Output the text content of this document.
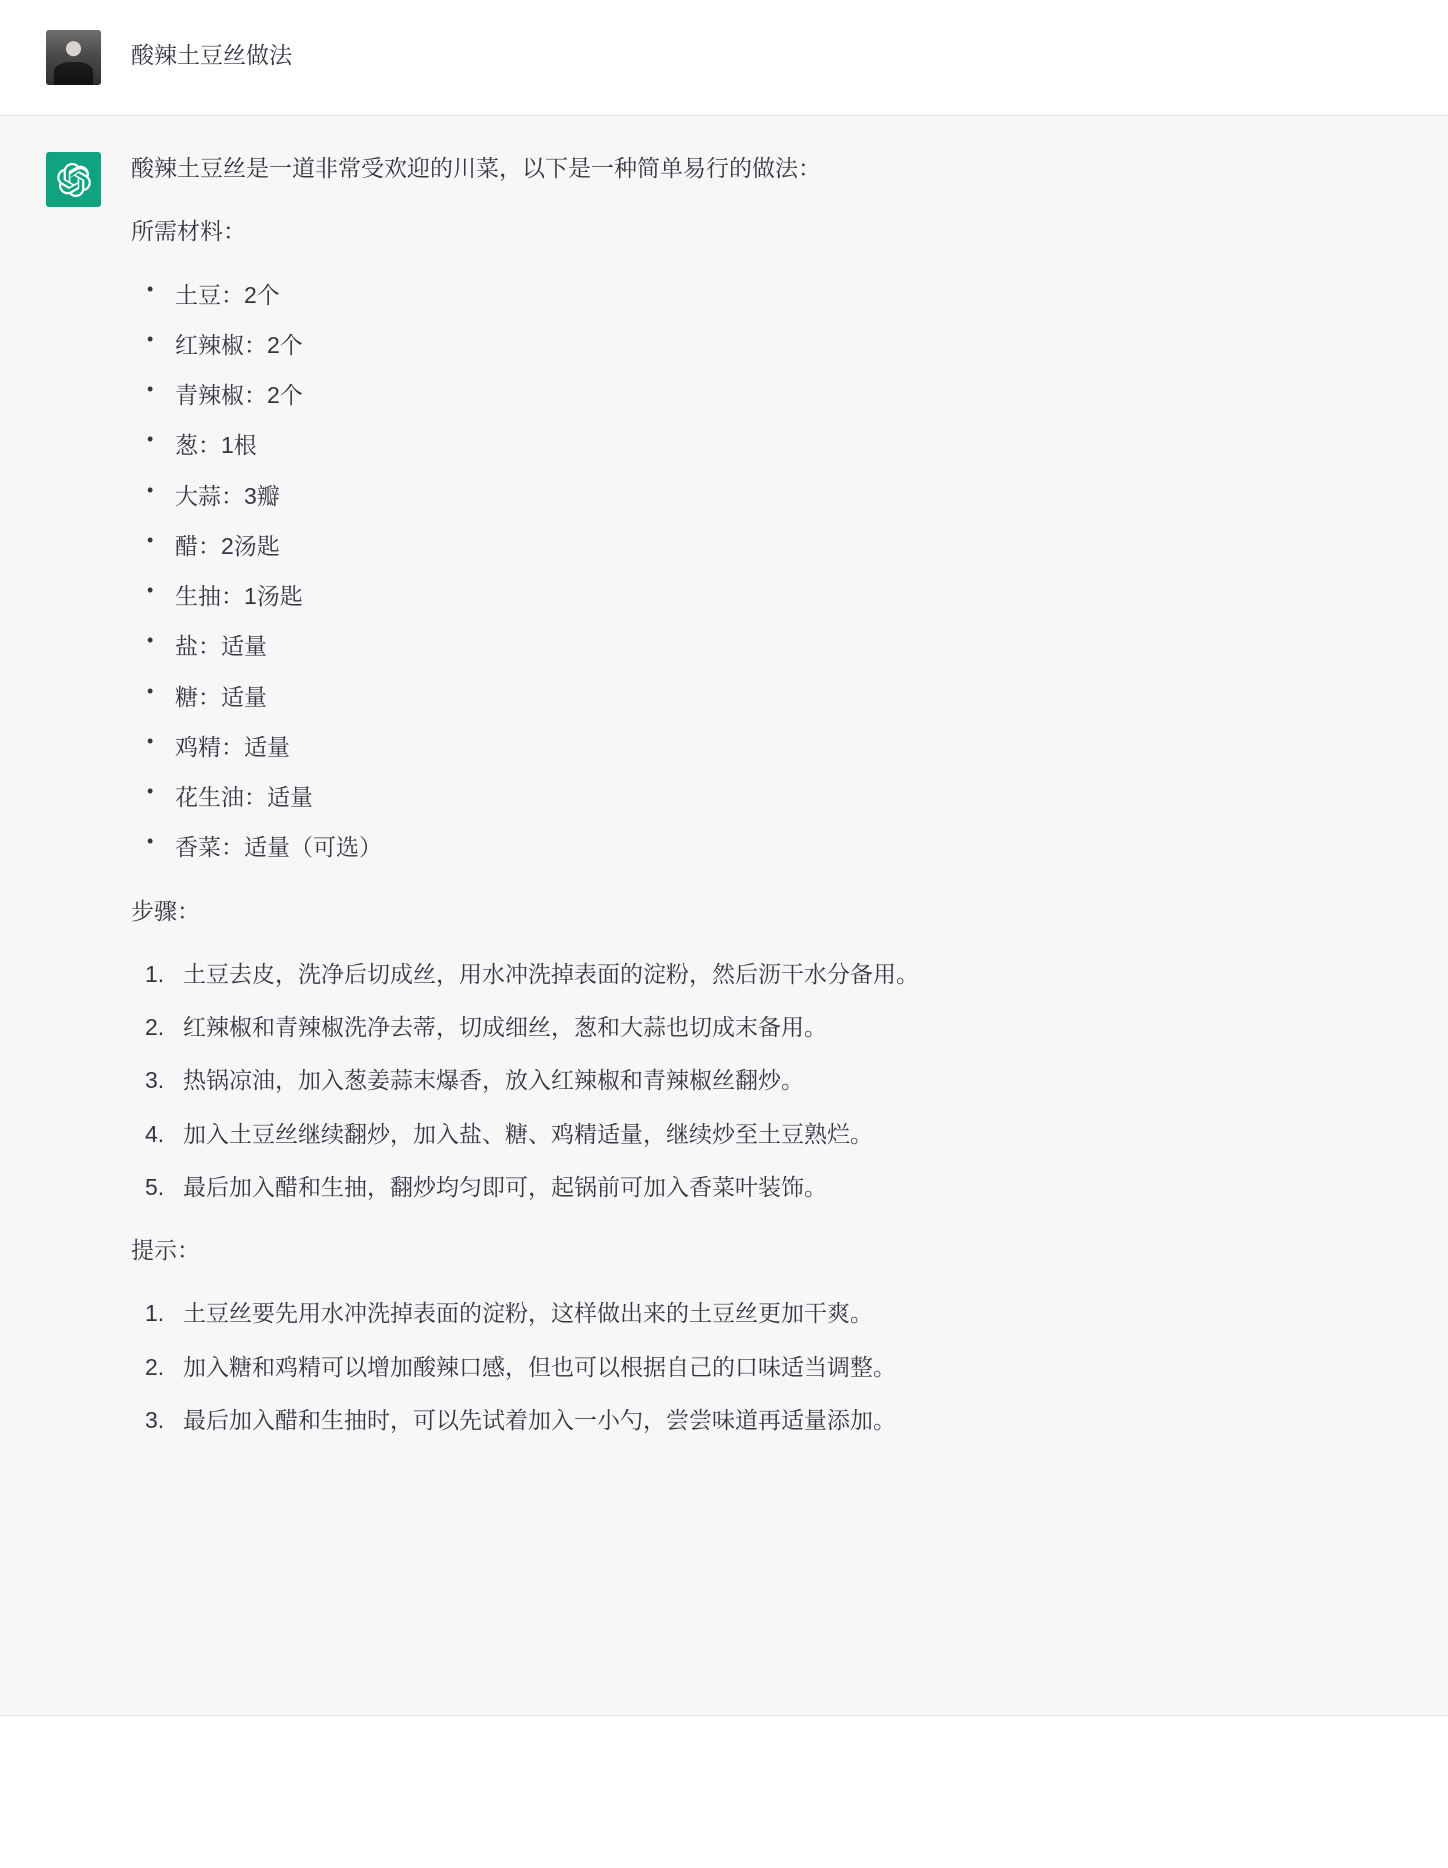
酸辣土豆丝做法

酸辣土豆丝是一道非常受欢迎的川菜，以下是一种简单易行的做法：

所需材料：

• 土豆：2个
• 红辣椒：2个
• 青辣椒：2个
• 葱：1根
• 大蒜：3瓣
• 醋：2汤匙
• 生抽：1汤匙
• 盐：适量
• 糖：适量
• 鸡精：适量
• 花生油：适量
• 香菜：适量（可选）

步骤：

土豆去皮，洗净后切成丝，用水冲洗掉表面的淀粉，然后沥干水分备用。
红辣椒和青辣椒洗净去蒂，切成细丝，葱和大蒜也切成末备用。
热锅凉油，加入葱姜蒜末爆香，放入红辣椒和青辣椒丝翻炒。
加入土豆丝继续翻炒，加入盐、糖、鸡精适量，继续炒至土豆熟烂。
最后加入醋和生抽，翻炒均匀即可，起锅前可加入香菜叶装饰。

提示：

土豆丝要先用水冲洗掉表面的淀粉，这样做出来的土豆丝更加干爽。
加入糖和鸡精可以增加酸辣口感，但也可以根据自己的口味适当调整。
最后加入醋和生抽时，可以先试着加入一小勺，尝尝味道再适量添加。
